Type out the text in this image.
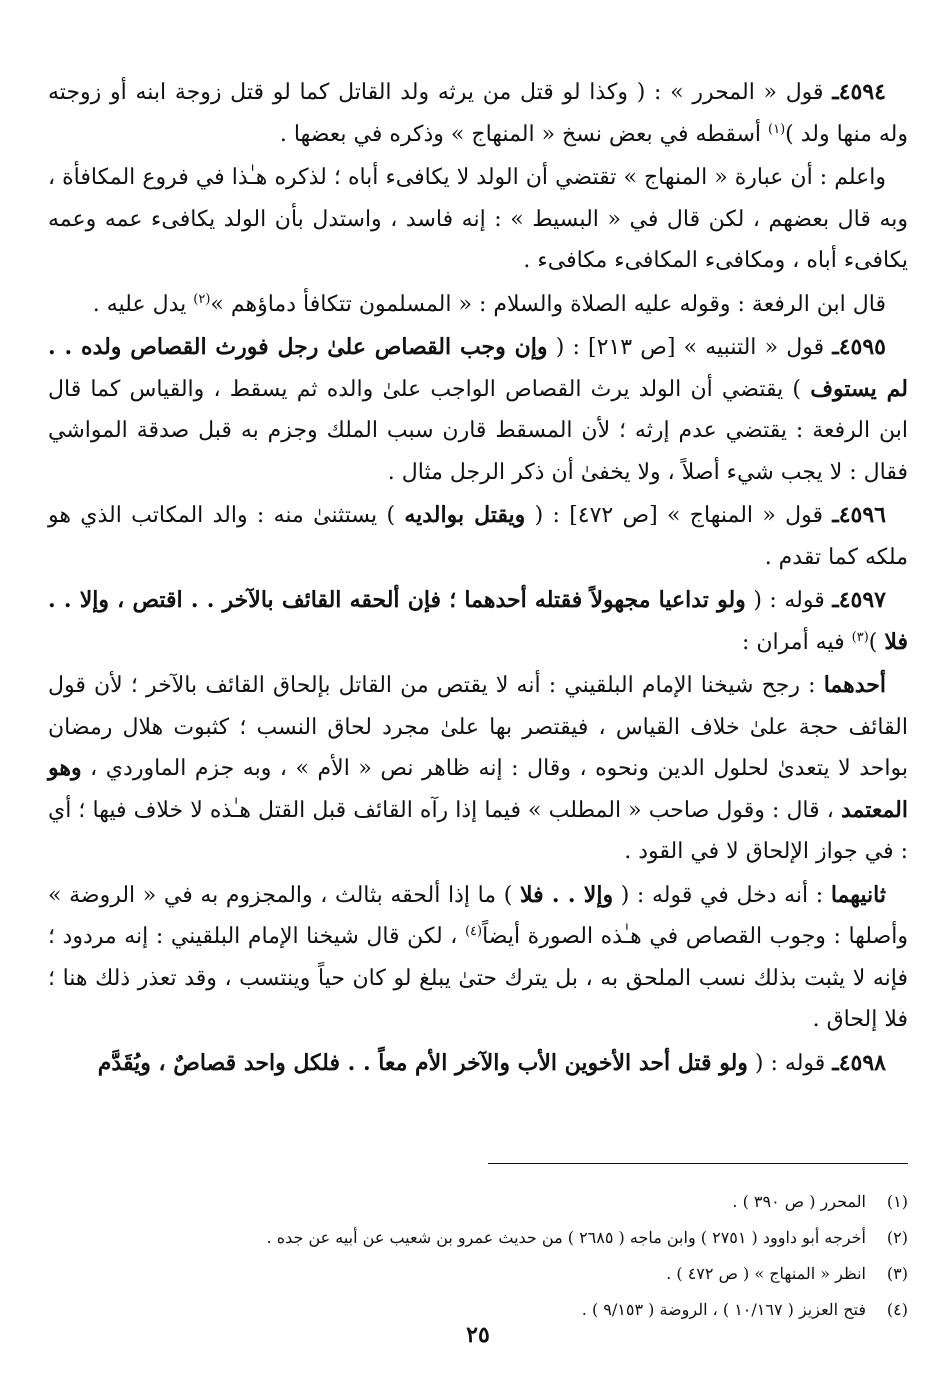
٤٥٩٤ـ قول « المحرر » : ( وكذا لو قتل من يرثه ولد القاتل كما لو قتل زوجة ابنه أو زوجته وله منها ولد )$^{(١)}$ أسقطه في بعض نسخ « المنهاج » وذكره في بعضها .

واعلم : أن عبارة « المنهاج » تقتضي أن الولد لا يكافىء أباه ؛ لذكره هـٰذا في فروع المكافأة ، وبه قال بعضهم ، لكن قال في « البسيط » : إنه فاسد ، واستدل بأن الولد يكافىء عمه وعمه يكافىء أباه ، ومكافىء المكافىء مكافىء .

قال ابن الرفعة : وقوله عليه الصلاة والسلام : « المسلمون تتكافأ دماؤهم »$^{(٢)}$ يدل عليه .

٤٥٩٥ـ قول « التنبيه » [ص ٢١٣] : ( وإن وجب القصاص علىٰ رجل فورث القصاص ولده . . لم يستوف ) يقتضي أن الولد يرث القصاص الواجب علىٰ والده ثم يسقط ، والقياس كما قال ابن الرفعة : يقتضي عدم إرثه ؛ لأن المسقط قارن سبب الملك وجزم به قبل صدقة المواشي فقال : لا يجب شيء أصلاً ، ولا يخفىٰ أن ذكر الرجل مثال .

٤٥٩٦ـ قول « المنهاج » [ص ٤٧٢] : ( ويقتل بوالديه ) يستثنىٰ منه : والد المكاتب الذي هو ملكه كما تقدم .

٤٥٩٧ـ قوله : ( ولو تداعيا مجهولاً فقتله أحدهما ؛ فإن ألحقه القائف بالآخر . . اقتص ، وإلا . . فلا )$^{(٣)}$ فيه أمران :

أحدهما : رجح شيخنا الإمام البلقيني : أنه لا يقتص من القاتل بإلحاق القائف بالآخر ؛ لأن قول القائف حجة علىٰ خلاف القياس ، فيقتصر بها علىٰ مجرد لحاق النسب ؛ كثبوت هلال رمضان بواحد لا يتعدىٰ لحلول الدين ونحوه ، وقال : إنه ظاهر نص « الأم » ، وبه جزم الماوردي ، وهو المعتمد ، قال : وقول صاحب « المطلب » فيما إذا رآه القائف قبل القتل هـٰذه لا خلاف فيها ؛ أي : في جواز الإلحاق لا في القود .

ثانيهما : أنه دخل في قوله : ( وإلا . . فلا ) ما إذا ألحقه بثالث ، والمجزوم به في « الروضة » وأصلها : وجوب القصاص في هـٰذه الصورة أيضاً$^{(٤)}$ ، لكن قال شيخنا الإمام البلقيني : إنه مردود ؛ فإنه لا يثبت بذلك نسب الملحق به ، بل يترك حتىٰ يبلغ لو كان حياً وينتسب ، وقد تعذر ذلك هنا ؛ فلا إلحاق .

٤٥٩٨ـ قوله : ( ولو قتل أحد الأخوين الأب والآخر الأم معاً . . فلكل واحد قصاصٌ ، ويُقَدَّم

(١)المحرر ( ص ٣٩٠ ) .
(٢)أخرجه أبو داوود ( ٢٧٥١ ) وابن ماجه ( ٢٦٨٥ ) من حديث عمرو بن شعيب عن أبيه عن جده .
(٣)انظر « المنهاج » ( ص ٤٧٢ ) .
(٤)فتح العزيز ( ١٠/١٦٧ ) ، الروضة ( ٩/١٥٣ ) .
٢٥
